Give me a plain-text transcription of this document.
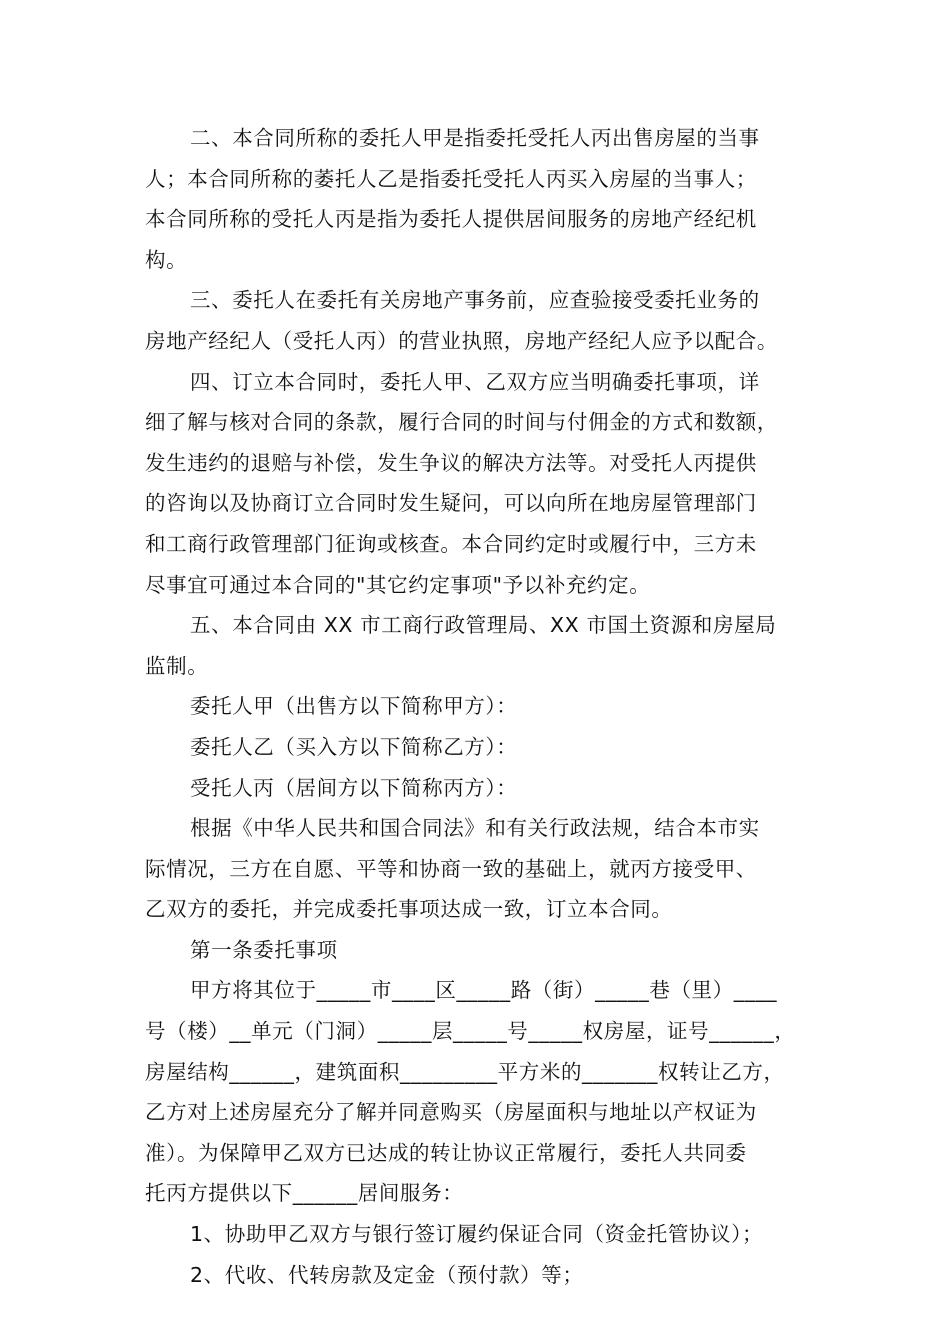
二、本合同所称的委托人甲是指委托受托人丙出售房屋的当事
人；本合同所称的萎托人乙是指委托受托人丙买入房屋的当事人；
本合同所称的受托人丙是指为委托人提供居间服务的房地产经纪机
构。
三、委托人在委托有关房地产事务前，应查验接受委托业务的
房地产经纪人（受托人丙）的营业执照，房地产经纪人应予以配合。
四、订立本合同时，委托人甲、乙双方应当明确委托事项，详
细了解与核对合同的条款，履行合同的时间与付佣金的方式和数额，
发生违约的退赔与补偿，发生争议的解决方法等。对受托人丙提供
的咨询以及协商订立合同时发生疑问，可以向所在地房屋管理部门
和工商行政管理部门征询或核查。本合同约定时或履行中，三方未
尽事宜可通过本合同的"其它约定事项"予以补充约定。
五、本合同由 XX 市工商行政管理局、XX 市国土资源和房屋局
监制。
委托人甲（出售方以下简称甲方）：
委托人乙（买入方以下简称乙方）：
受托人丙（居间方以下简称丙方）：
根据《中华人民共和国合同法》和有关行政法规，结合本市实
际情况，三方在自愿、平等和协商一致的基础上，就丙方接受甲、
乙双方的委托，并完成委托事项达成一致，订立本合同。
第一条委托事项
甲方将其位于_____市____区_____路（街）_____巷（里）____
号（楼）__单元（门洞）_____层_____号_____权房屋，证号______，
房屋结构______，建筑面积_________平方米的_______权转让乙方，
乙方对上述房屋充分了解并同意购买（房屋面积与地址以产权证为
准）。为保障甲乙双方已达成的转让协议正常履行，委托人共同委
托丙方提供以下______居间服务：
1、协助甲乙双方与银行签订履约保证合同（资金托管协议）；
2、代收、代转房款及定金（预付款）等；
